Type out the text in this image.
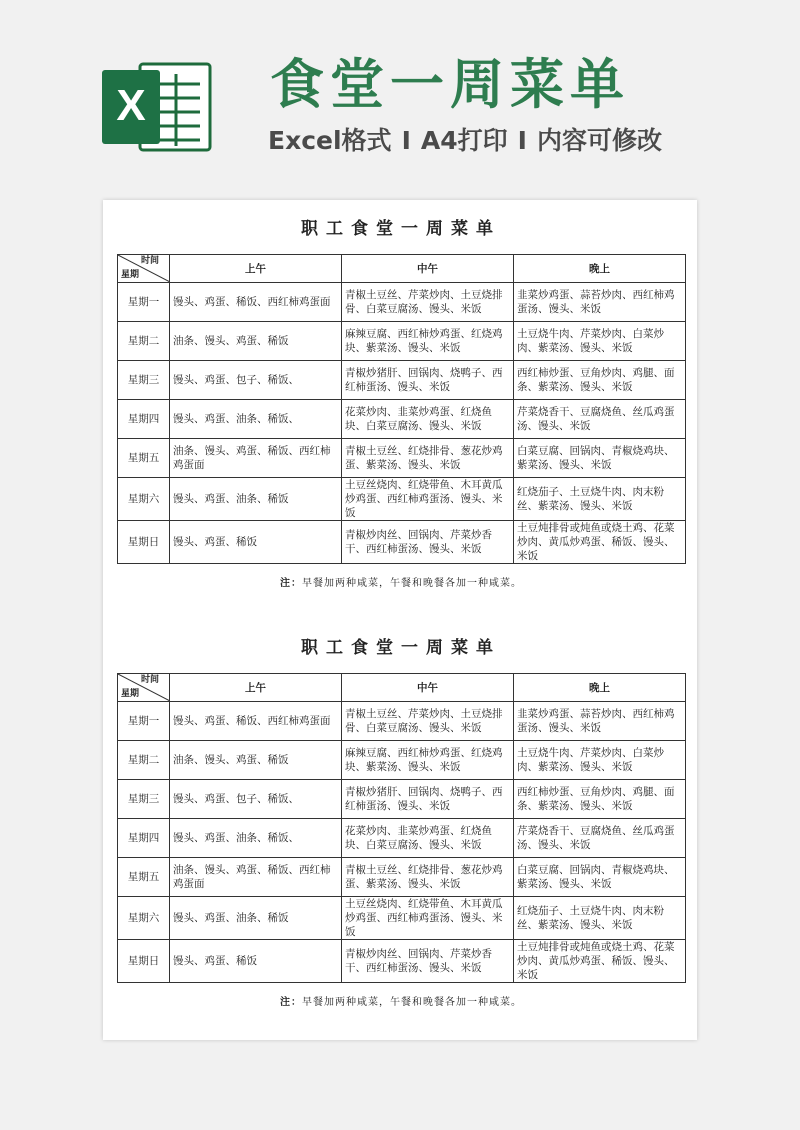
X 食堂一周菜单
Excel格式 I A4打印 I 内容可修改
职工食堂一周菜单
时间
星期	上午	中午	晚上
星期一	馒头、鸡蛋、稀饭、西红柿鸡蛋面	青椒土豆丝、芹菜炒肉、土豆烧排骨、白菜豆腐汤、馒头、米饭	韭菜炒鸡蛋、蒜苔炒肉、西红柿鸡蛋汤、馒头、米饭
星期二	油条、馒头、鸡蛋、稀饭	麻辣豆腐、西红柿炒鸡蛋、红烧鸡块、紫菜汤、馒头、米饭	土豆烧牛肉、芹菜炒肉、白菜炒肉、紫菜汤、馒头、米饭
星期三	馒头、鸡蛋、包子、稀饭、	青椒炒猪肝、回锅肉、烧鸭子、西红柿蛋汤、馒头、米饭	西红柿炒蛋、豆角炒肉、鸡腿、面条、紫菜汤、馒头、米饭
星期四	馒头、鸡蛋、油条、稀饭、	花菜炒肉、韭菜炒鸡蛋、红烧鱼块、白菜豆腐汤、馒头、米饭	芹菜烧香干、豆腐烧鱼、丝瓜鸡蛋汤、馒头、米饭
星期五	油条、馒头、鸡蛋、稀饭、西红柿鸡蛋面	青椒土豆丝、红烧排骨、葱花炒鸡蛋、紫菜汤、馒头、米饭	白菜豆腐、回锅肉、青椒烧鸡块、紫菜汤、馒头、米饭
星期六	馒头、鸡蛋、油条、稀饭	土豆丝烧肉、红烧带鱼、木耳黄瓜炒鸡蛋、西红柿鸡蛋汤、馒头、米饭	红烧茄子、土豆烧牛肉、肉末粉丝、紫菜汤、馒头、米饭
星期日	馒头、鸡蛋、稀饭	青椒炒肉丝、回锅肉、芹菜炒香干、西红柿蛋汤、馒头、米饭	土豆炖排骨或炖鱼或烧土鸡、花菜炒肉、黄瓜炒鸡蛋、稀饭、馒头、米饭
注：早餐加两种咸菜，午餐和晚餐各加一种咸菜。
职工食堂一周菜单
时间
星期	上午	中午	晚上
星期一	馒头、鸡蛋、稀饭、西红柿鸡蛋面	青椒土豆丝、芹菜炒肉、土豆烧排骨、白菜豆腐汤、馒头、米饭	韭菜炒鸡蛋、蒜苔炒肉、西红柿鸡蛋汤、馒头、米饭
星期二	油条、馒头、鸡蛋、稀饭	麻辣豆腐、西红柿炒鸡蛋、红烧鸡块、紫菜汤、馒头、米饭	土豆烧牛肉、芹菜炒肉、白菜炒肉、紫菜汤、馒头、米饭
星期三	馒头、鸡蛋、包子、稀饭、	青椒炒猪肝、回锅肉、烧鸭子、西红柿蛋汤、馒头、米饭	西红柿炒蛋、豆角炒肉、鸡腿、面条、紫菜汤、馒头、米饭
星期四	馒头、鸡蛋、油条、稀饭、	花菜炒肉、韭菜炒鸡蛋、红烧鱼块、白菜豆腐汤、馒头、米饭	芹菜烧香干、豆腐烧鱼、丝瓜鸡蛋汤、馒头、米饭
星期五	油条、馒头、鸡蛋、稀饭、西红柿鸡蛋面	青椒土豆丝、红烧排骨、葱花炒鸡蛋、紫菜汤、馒头、米饭	白菜豆腐、回锅肉、青椒烧鸡块、紫菜汤、馒头、米饭
星期六	馒头、鸡蛋、油条、稀饭	土豆丝烧肉、红烧带鱼、木耳黄瓜炒鸡蛋、西红柿鸡蛋汤、馒头、米饭	红烧茄子、土豆烧牛肉、肉末粉丝、紫菜汤、馒头、米饭
星期日	馒头、鸡蛋、稀饭	青椒炒肉丝、回锅肉、芹菜炒香干、西红柿蛋汤、馒头、米饭	土豆炖排骨或炖鱼或烧土鸡、花菜炒肉、黄瓜炒鸡蛋、稀饭、馒头、米饭
注：早餐加两种咸菜，午餐和晚餐各加一种咸菜。
